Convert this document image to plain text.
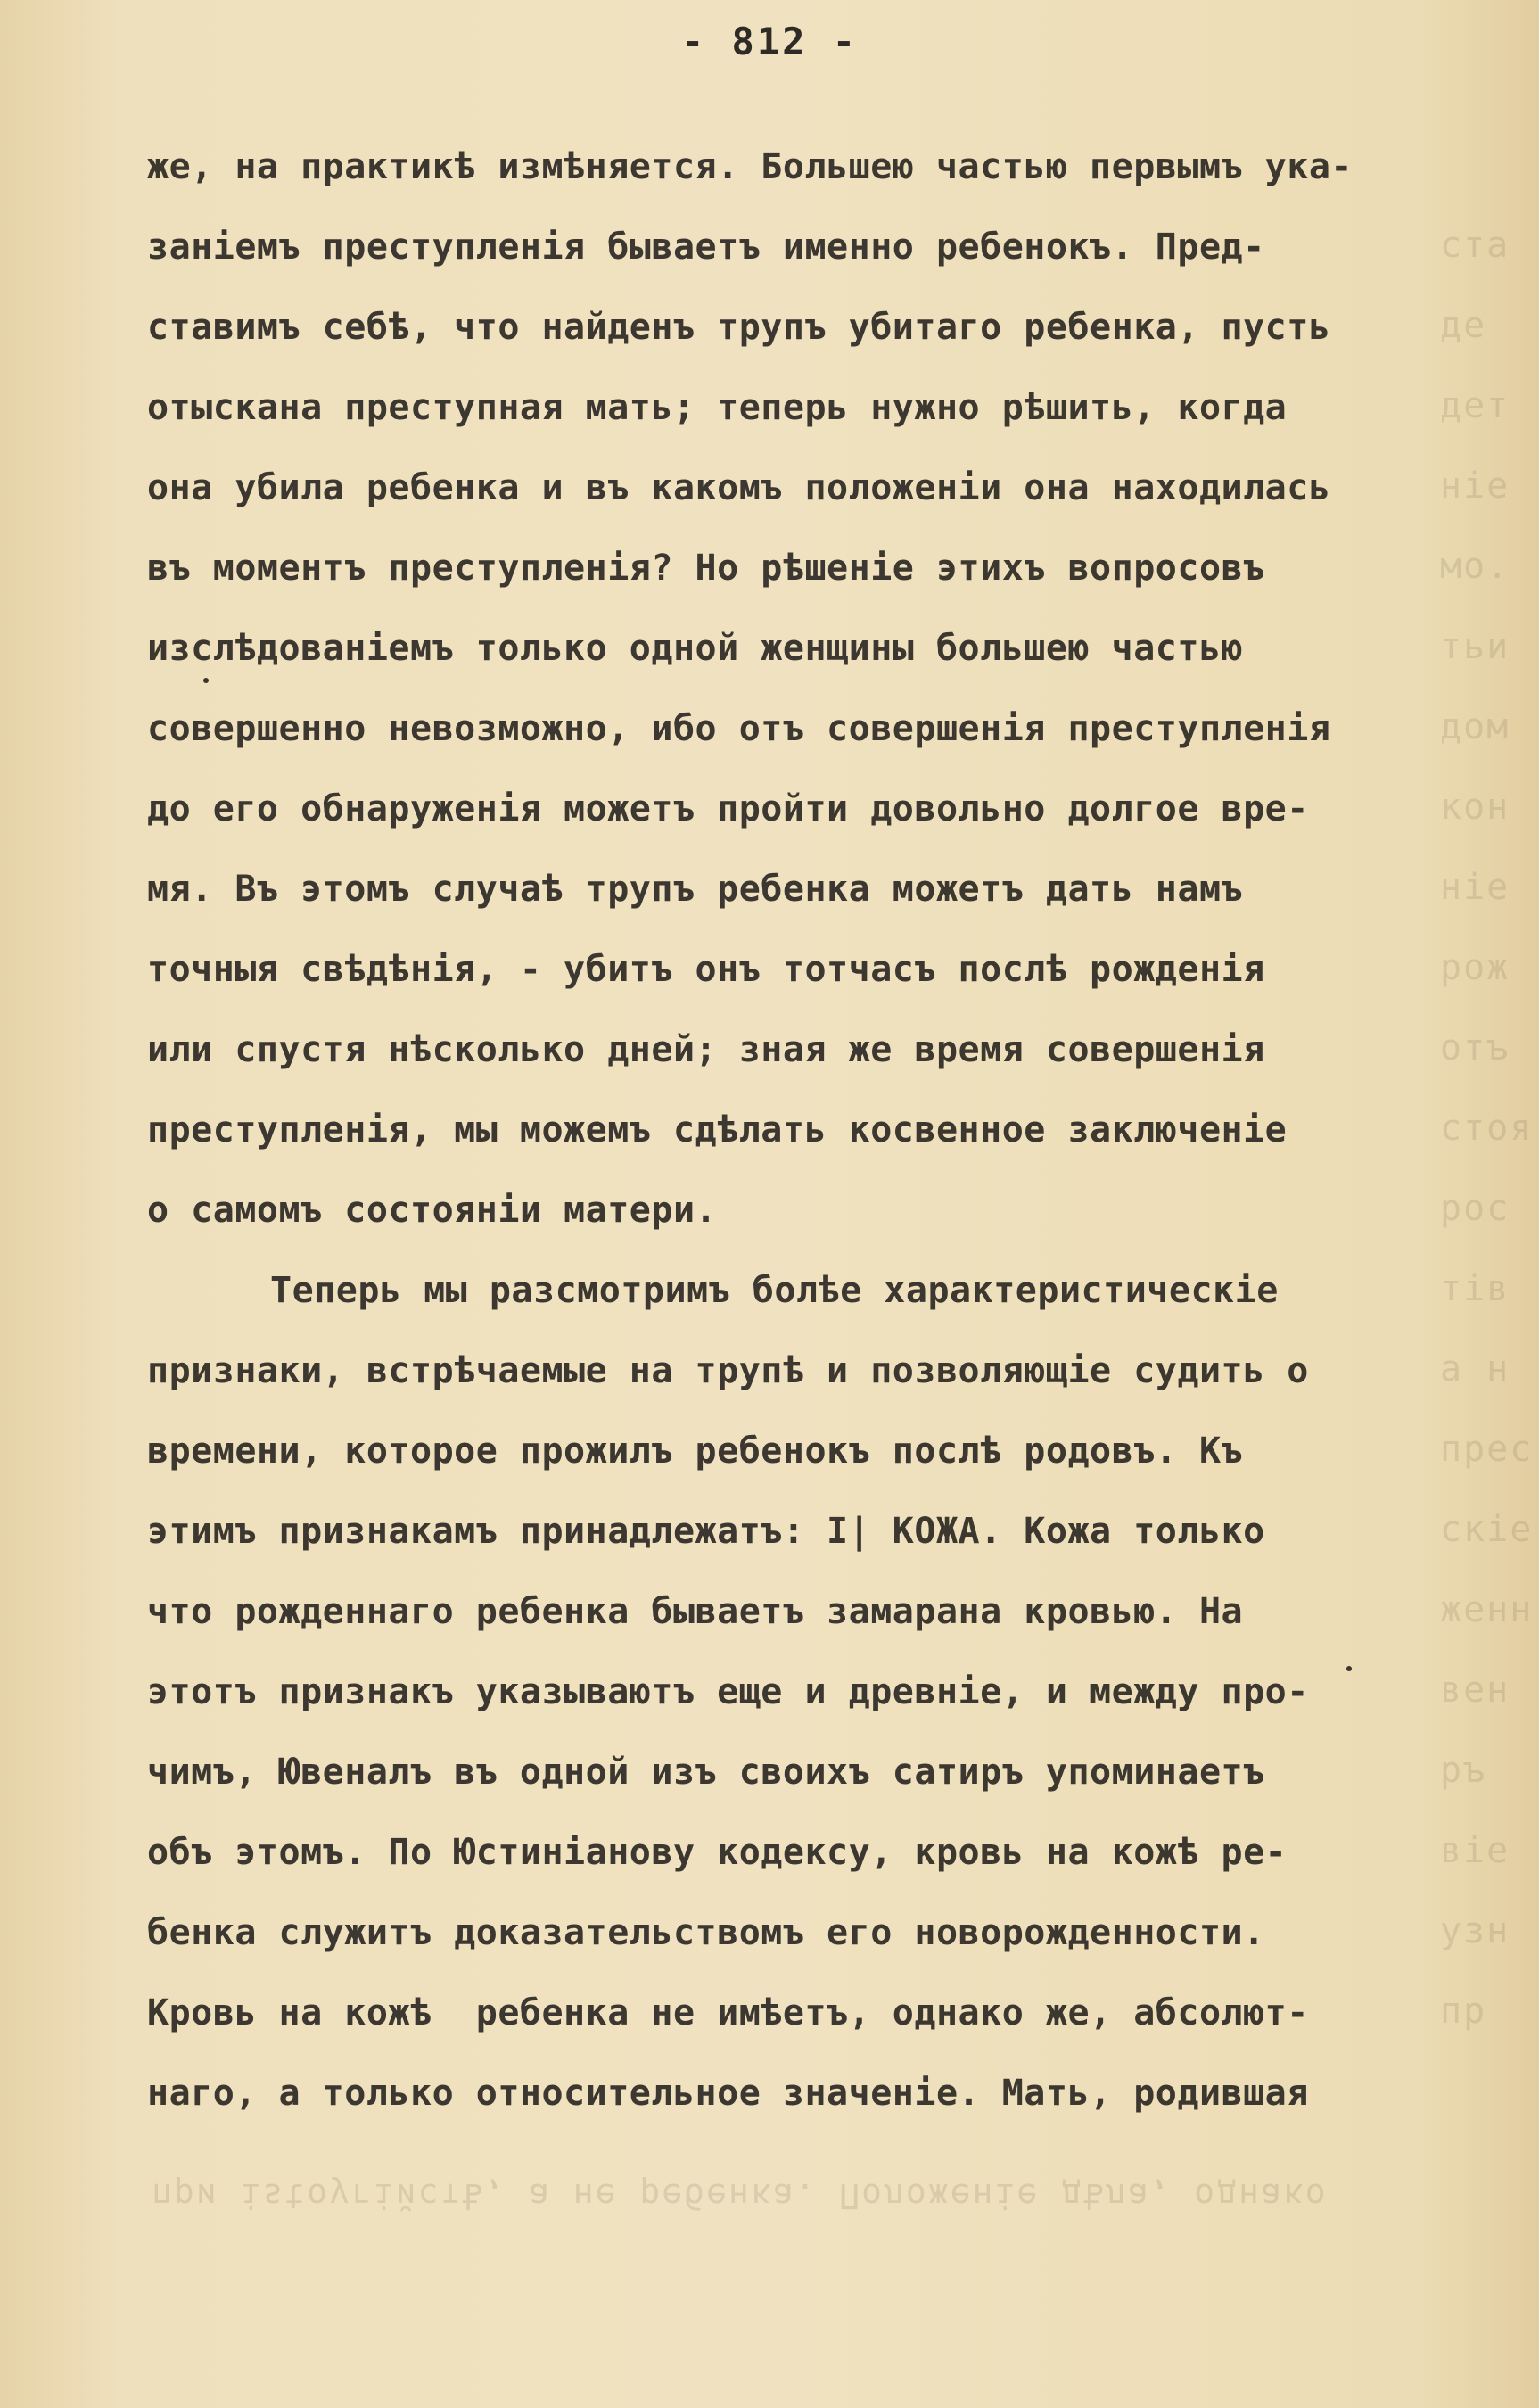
ста
де
дет
ніе
мо.
тьи
дом
кон
ніе
рож
отъ
стоя
рос
тів
а н
прес
скіе
женн
вен
ръ
віе
узн
пр
при іstоугійстѣ, а не ребенка. Положеніе дѣла, однако
- 812 -
же, на практикѣ измѣняется. Большею частью первымъ ука-
заніемъ преступленія бываетъ именно ребенокъ. Пред-
ставимъ себѣ, что найденъ трупъ убитаго ребенка, пусть
отыскана преступная мать; теперь нужно рѣшить, когда
она убила ребенка и въ какомъ положеніи она находилась
въ моментъ преступленія? Но рѣшеніе этихъ вопросовъ
изслѣдованіемъ только одной женщины большею частью
совершенно невозможно, ибо отъ совершенія преступленія
до его обнаруженія можетъ пройти довольно долгое вре-
мя. Въ этомъ случаѣ трупъ ребенка можетъ дать намъ
точныя свѣдѣнія, - убитъ онъ тотчасъ послѣ рожденія
или спустя нѣсколько дней; зная же время совершенія
преступленія, мы можемъ сдѣлать косвенное заключеніе
о самомъ состояніи матери.
Теперь мы разсмотримъ болѣе характеристическіе
признаки, встрѣчаемые на трупѣ и позволяющіе судить о
времени, которое прожилъ ребенокъ послѣ родовъ. Къ
этимъ признакамъ принадлежатъ: I| КОЖА. Кожа только
что рожденнаго ребенка бываетъ замарана кровью. На
этотъ признакъ указываютъ еще и древніе, и между про-
чимъ, Ювеналъ въ одной изъ своихъ сатиръ упоминаетъ
объ этомъ. По Юстиніанову кодексу, кровь на кожѣ ре-
бенка служитъ доказательствомъ его новорожденности.
Кровь на кожѣ  ребенка не имѣетъ, однако же, абсолют-
наго, а только относительное значеніе. Мать, родившая
